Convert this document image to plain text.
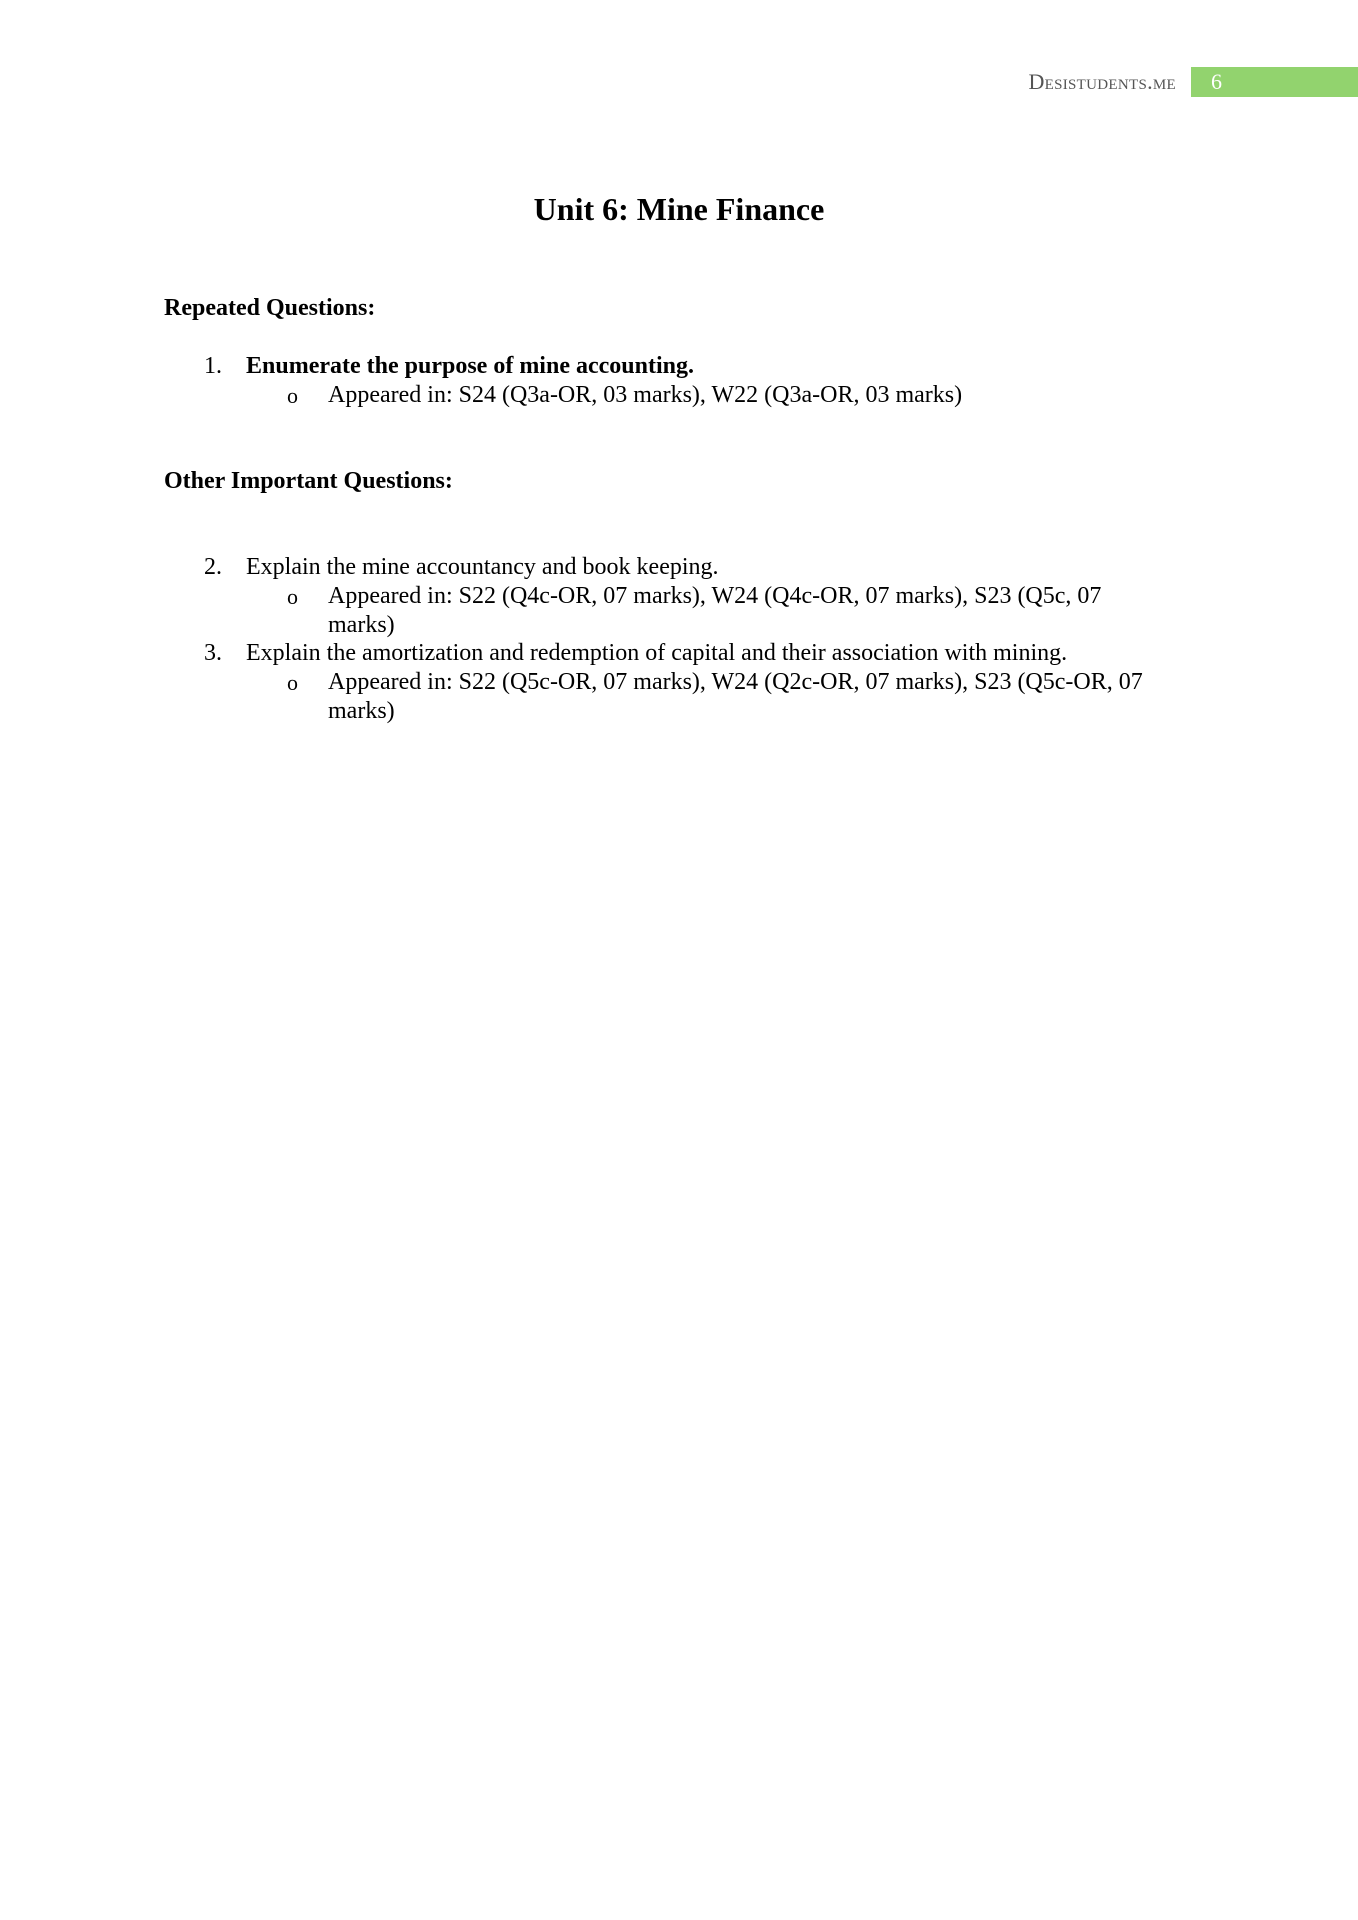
Desistudents.me 6
Unit 6: Mine Finance
Repeated Questions:
1. Enumerate the purpose of mine accounting.
o Appeared in: S24 (Q3a-OR, 03 marks), W22 (Q3a-OR, 03 marks)
Other Important Questions:
2. Explain the mine accountancy and book keeping.
o Appeared in: S22 (Q4c-OR, 07 marks), W24 (Q4c-OR, 07 marks), S23 (Q5c, 07 marks)
3. Explain the amortization and redemption of capital and their association with mining.
o Appeared in: S22 (Q5c-OR, 07 marks), W24 (Q2c-OR, 07 marks), S23 (Q5c-OR, 07 marks)
